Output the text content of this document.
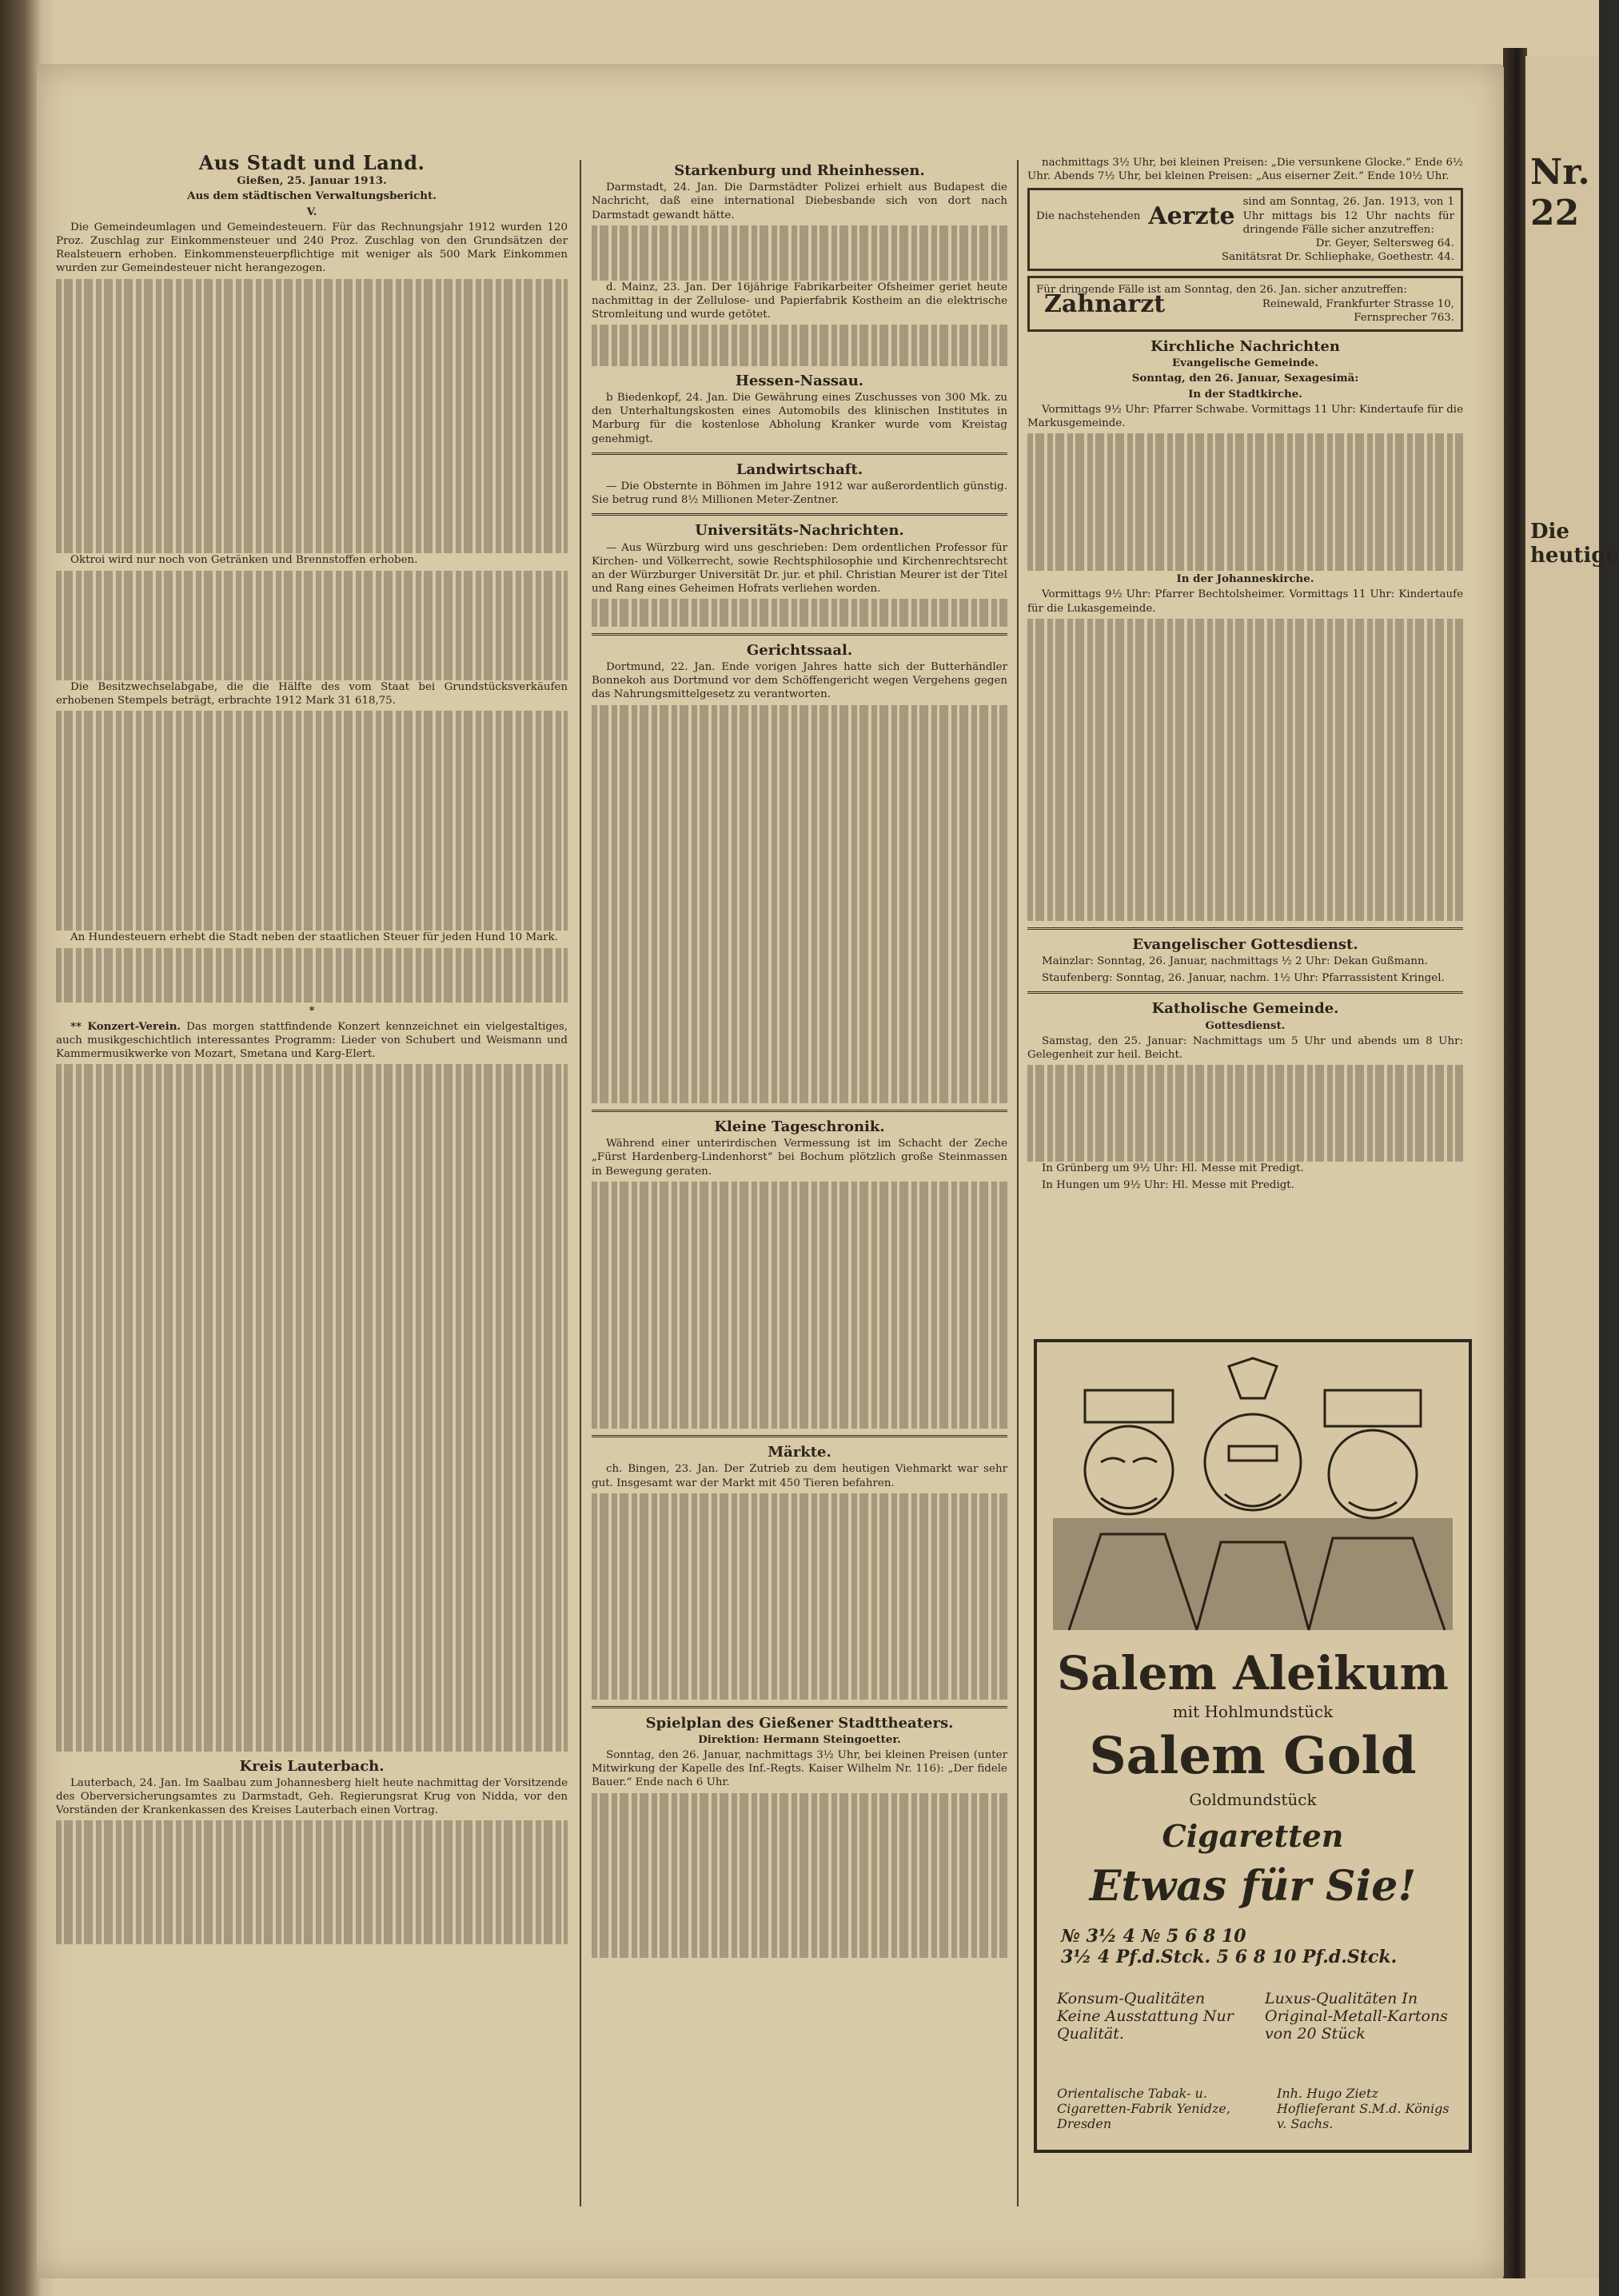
Nr. 22
Die heutige
Aus Stadt und Land.
Gießen, 25. Januar 1913.
Aus dem städtischen Verwaltungsbericht.
V.

Die Gemeindeumlagen und Gemeindesteuern. Für das Rechnungsjahr 1912 wurden 120 Proz. Zuschlag zur Einkommensteuer und 240 Proz. Zuschlag von den Grundsätzen der Realsteuern erhoben. Einkommensteuerpflichtige mit weniger als 500 Mark Einkommen wurden zur Gemeindesteuer nicht herangezogen.

Oktroi wird nur noch von Getränken und Brennstoffen erhoben.

Die Besitzwechselabgabe, die die Hälfte des vom Staat bei Grundstücksverkäufen erhobenen Stempels beträgt, erbrachte 1912 Mark 31 618,75.

An Hundesteuern erhebt die Stadt neben der staatlichen Steuer für jeden Hund 10 Mark.

*

** Konzert-Verein. Das morgen stattfindende Konzert kennzeichnet ein vielgestaltiges, auch musikgeschichtlich interessantes Programm: Lieder von Schubert und Weismann und Kammermusikwerke von Mozart, Smetana und Karg-Elert.

Kreis Lauterbach.

Lauterbach, 24. Jan. Im Saalbau zum Johannesberg hielt heute nachmittag der Vorsitzende des Oberversicherungsamtes zu Darmstadt, Geh. Regierungsrat Krug von Nidda, vor den Vorständen der Krankenkassen des Kreises Lauterbach einen Vortrag.

Starkenburg und Rheinhessen.

Darmstadt, 24. Jan. Die Darmstädter Polizei erhielt aus Budapest die Nachricht, daß eine international Diebesbande sich von dort nach Darmstadt gewandt hätte.

d. Mainz, 23. Jan. Der 16jährige Fabrikarbeiter Ofsheimer geriet heute nachmittag in der Zellulose- und Papierfabrik Kostheim an die elektrische Stromleitung und wurde getötet.

Hessen-Nassau.

b Biedenkopf, 24. Jan. Die Gewährung eines Zuschusses von 300 Mk. zu den Unterhaltungskosten eines Automobils des klinischen Institutes in Marburg für die kostenlose Abholung Kranker wurde vom Kreistag genehmigt.

Landwirtschaft.

— Die Obsternte in Böhmen im Jahre 1912 war außerordentlich günstig. Sie betrug rund 8½ Millionen Meter-Zentner.

Universitäts-Nachrichten.

— Aus Würzburg wird uns geschrieben: Dem ordentlichen Professor für Kirchen- und Völkerrecht, sowie Rechtsphilosophie und Kirchenrechtsrecht an der Würzburger Universität Dr. jur. et phil. Christian Meurer ist der Titel und Rang eines Geheimen Hofrats verliehen worden.

Gerichtssaal.

Dortmund, 22. Jan. Ende vorigen Jahres hatte sich der Butterhändler Bonnekoh aus Dortmund vor dem Schöffengericht wegen Vergehens gegen das Nahrungsmittelgesetz zu verantworten.

Kleine Tageschronik.

Während einer unterirdischen Vermessung ist im Schacht der Zeche „Fürst Hardenberg-Lindenhorst“ bei Bochum plötzlich große Steinmassen in Bewegung geraten.

Märkte.

ch. Bingen, 23. Jan. Der Zutrieb zu dem heutigen Viehmarkt war sehr gut. Insgesamt war der Markt mit 450 Tieren befahren.

Spielplan des Gießener Stadttheaters.
Direktion: Hermann Steingoetter.

Sonntag, den 26. Januar, nachmittags 3½ Uhr, bei kleinen Preisen (unter Mitwirkung der Kapelle des Inf.-Regts. Kaiser Wilhelm Nr. 116): „Der fidele Bauer.“ Ende nach 6 Uhr.

nachmittags 3½ Uhr, bei kleinen Preisen: „Die versunkene Glocke.“ Ende 6½ Uhr. Abends 7½ Uhr, bei kleinen Preisen: „Aus eiserner Zeit.“ Ende 10½ Uhr.

Die nachstehenden Aerzte sind am Sonntag, 26. Jan. 1913, von 1 Uhr mittags bis 12 Uhr nachts für dringende Fälle sicher anzutreffen:
Dr. Geyer, Seltersweg 64.
Sanitätsrat Dr. Schliephake, Goethestr. 44.
Für dringende Fälle ist am Sonntag, den 26. Jan. sicher anzutreffen:
Zahnarzt	Reinewald, Frankfurter Strasse 10,
Fernsprecher 763.
Kirchliche Nachrichten
Evangelische Gemeinde.
Sonntag, den 26. Januar, Sexagesimä:
In der Stadtkirche.

Vormittags 9½ Uhr: Pfarrer Schwabe. Vormittags 11 Uhr: Kindertaufe für die Markusgemeinde.

In der Johanneskirche.

Vormittags 9½ Uhr: Pfarrer Bechtolsheimer. Vormittags 11 Uhr: Kindertaufe für die Lukasgemeinde.

Evangelischer Gottesdienst.

Mainzlar: Sonntag, 26. Januar, nachmittags ½ 2 Uhr: Dekan Gußmann.

Staufenberg: Sonntag, 26. Januar, nachm. 1½ Uhr: Pfarrassistent Kringel.

Katholische Gemeinde.
Gottesdienst.

Samstag, den 25. Januar: Nachmittags um 5 Uhr und abends um 8 Uhr: Gelegenheit zur heil. Beicht.

In Grünberg um 9½ Uhr: Hl. Messe mit Predigt.

In Hungen um 9½ Uhr: Hl. Messe mit Predigt.

Salem Aleikum
mit Hohlmundstück
Salem Gold
Goldmundstück
Cigaretten
Etwas für Sie!
№ 3½ 4 № 5 6 8 10
3½ 4 Pf.d.Stck. 5 6 8 10 Pf.d.Stck.
Konsum-Qualitäten Keine Ausstattung Nur Qualität.
Luxus-Qualitäten In Original-Metall-Kartons von 20 Stück
Orientalische Tabak- u. Cigaretten-Fabrik Yenidze, Dresden
Inh. Hugo Zietz Hoflieferant S.M.d. Königs v. Sachs.
